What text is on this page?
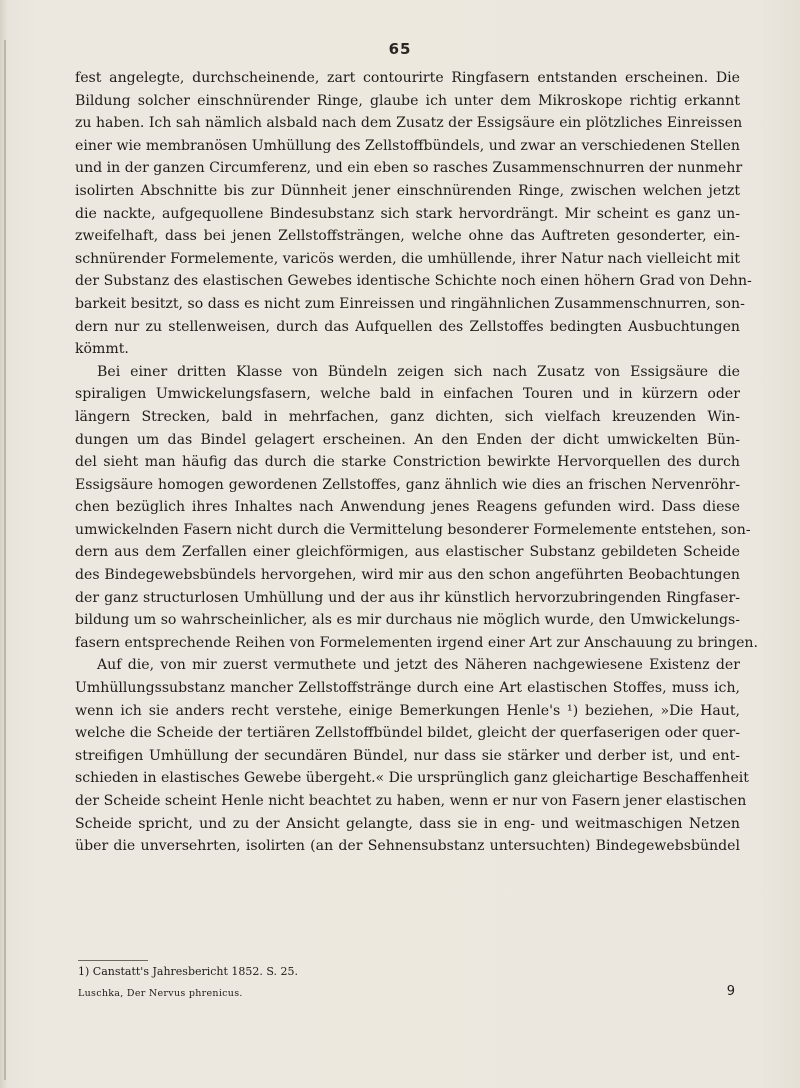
65
fest angelegte, durchscheinende, zart contourirte Ringfasern entstanden erscheinen. Die
Bildung solcher einschnürender Ringe, glaube ich unter dem Mikroskope richtig erkannt
zu haben. Ich sah nämlich alsbald nach dem Zusatz der Essigsäure ein plötzliches Einreissen
einer wie membranösen Umhüllung des Zellstoffbündels, und zwar an verschiedenen Stellen
und in der ganzen Circumferenz, und ein eben so rasches Zusammenschnurren der nunmehr
isolirten Abschnitte bis zur Dünnheit jener einschnürenden Ringe, zwischen welchen jetzt
die nackte, aufgequollene Bindesubstanz sich stark hervordrängt. Mir scheint es ganz un-
zweifelhaft, dass bei jenen Zellstoffsträngen, welche ohne das Auftreten gesonderter, ein-
schnürender Formelemente, varicös werden, die umhüllende, ihrer Natur nach vielleicht mit
der Substanz des elastischen Gewebes identische Schichte noch einen höhern Grad von Dehn-
barkeit besitzt, so dass es nicht zum Einreissen und ringähnlichen Zusammenschnurren, son-
dern nur zu stellenweisen, durch das Aufquellen des Zellstoffes bedingten Ausbuchtungen
kömmt.
Bei einer dritten Klasse von Bündeln zeigen sich nach Zusatz von Essigsäure die
spiraligen Umwickelungsfasern, welche bald in einfachen Touren und in kürzern oder
längern Strecken, bald in mehrfachen, ganz dichten, sich vielfach kreuzenden Win-
dungen um das Bindel gelagert erscheinen. An den Enden der dicht umwickelten Bün-
del sieht man häufig das durch die starke Constriction bewirkte Hervorquellen des durch
Essigsäure homogen gewordenen Zellstoffes, ganz ähnlich wie dies an frischen Nervenröhr-
chen bezüglich ihres Inhaltes nach Anwendung jenes Reagens gefunden wird. Dass diese
umwickelnden Fasern nicht durch die Vermittelung besonderer Formelemente entstehen, son-
dern aus dem Zerfallen einer gleichförmigen, aus elastischer Substanz gebildeten Scheide
des Bindegewebsbündels hervorgehen, wird mir aus den schon angeführten Beobachtungen
der ganz structurlosen Umhüllung und der aus ihr künstlich hervorzubringenden Ringfaser-
bildung um so wahrscheinlicher, als es mir durchaus nie möglich wurde, den Umwickelungs-
fasern entsprechende Reihen von Formelementen irgend einer Art zur Anschauung zu bringen.
Auf die, von mir zuerst vermuthete und jetzt des Näheren nachgewiesene Existenz der
Umhüllungssubstanz mancher Zellstoffstränge durch eine Art elastischen Stoffes, muss ich,
wenn ich sie anders recht verstehe, einige Bemerkungen Henle's ¹) beziehen, »Die Haut,
welche die Scheide der tertiären Zellstoffbündel bildet, gleicht der querfaserigen oder quer-
streifigen Umhüllung der secundären Bündel, nur dass sie stärker und derber ist, und ent-
schieden in elastisches Gewebe übergeht.« Die ursprünglich ganz gleichartige Beschaffenheit
der Scheide scheint Henle nicht beachtet zu haben, wenn er nur von Fasern jener elastischen
Scheide spricht, und zu der Ansicht gelangte, dass sie in eng- und weitmaschigen Netzen
über die unversehrten, isolirten (an der Sehnensubstanz untersuchten) Bindegewebsbündel
1) Canstatt's Jahresbericht 1852. S. 25.
Luschka, Der Nervus phrenicus.	9
